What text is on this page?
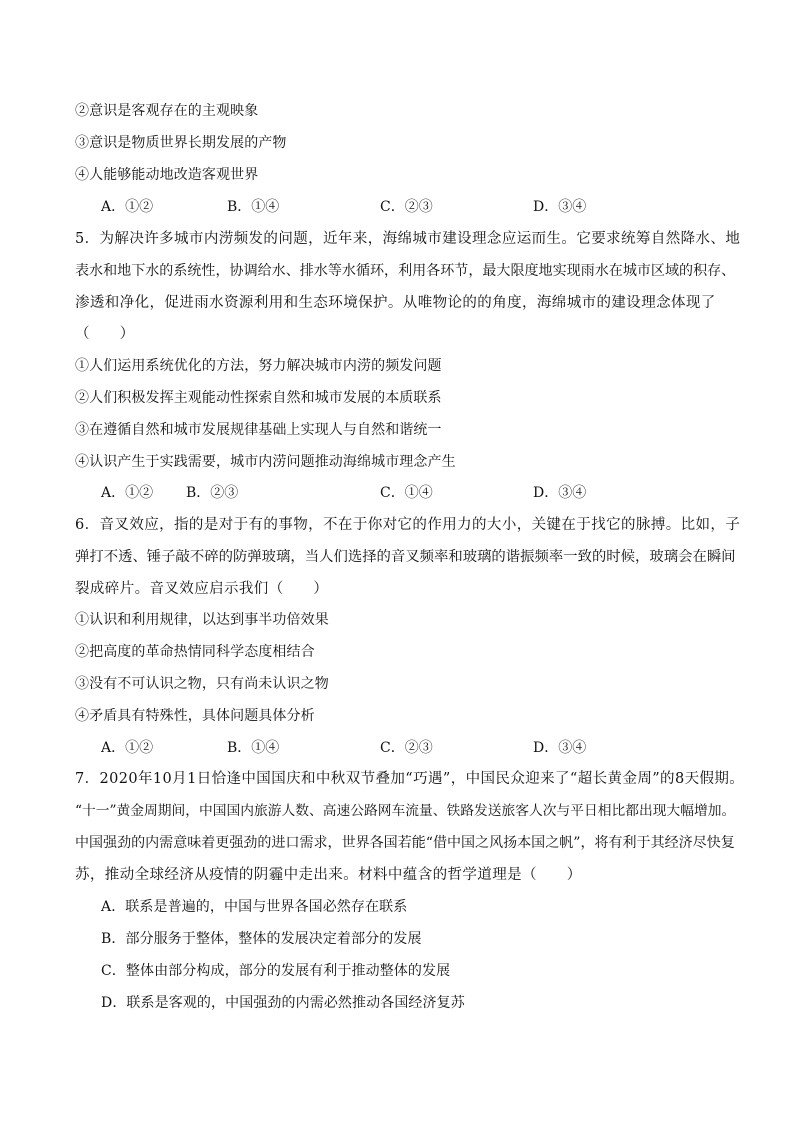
②意识是客观存在的主观映象
③意识是物质世界长期发展的产物
④人能够能动地改造客观世界
A．①②	B．①④	C．②③	D．③④
5．为解决许多城市内涝频发的问题，近年来，海绵城市建设理念应运而生。它要求统筹自然降水、地
表水和地下水的系统性，协调给水、排水等水循环，利用各环节，最大限度地实现雨水在城市区域的积存、
渗透和净化，促进雨水资源利用和生态环境保护。从唯物论的的角度，海绵城市的建设理念体现了
（　　）
①人们运用系统优化的方法，努力解决城市内涝的频发问题
②人们积极发挥主观能动性探索自然和城市发展的本质联系
③在遵循自然和城市发展规律基础上实现人与自然和谐统一
④认识产生于实践需要，城市内涝问题推动海绵城市理念产生
A．①② B．②③	C．①④	D．③④
6．音叉效应，指的是对于有的事物，不在于你对它的作用力的大小，关键在于找它的脉搏。比如，子
弹打不透、锤子敲不碎的防弹玻璃，当人们选择的音叉频率和玻璃的谐振频率一致的时候，玻璃会在瞬间
裂成碎片。音叉效应启示我们（　　）
①认识和利用规律，以达到事半功倍效果
②把高度的革命热情同科学态度相结合
③没有不可认识之物，只有尚未认识之物
④矛盾具有特殊性，具体问题具体分析
A．①②	B．①④	C．②③	D．③④
7．2020年10月1日恰逢中国国庆和中秋双节叠加“巧遇”，中国民众迎来了“超长黄金周”的8天假期。
“十一”黄金周期间，中国国内旅游人数、高速公路网车流量、铁路发送旅客人次与平日相比都出现大幅增加。
中国强劲的内需意味着更强劲的进口需求，世界各国若能“借中国之风扬本国之帆”，将有利于其经济尽快复
苏，推动全球经济从疫情的阴霾中走出来。材料中蕴含的哲学道理是（　　）
A．联系是普遍的，中国与世界各国必然存在联系
B．部分服务于整体，整体的发展决定着部分的发展
C．整体由部分构成，部分的发展有利于推动整体的发展
D．联系是客观的，中国强劲的内需必然推动各国经济复苏
